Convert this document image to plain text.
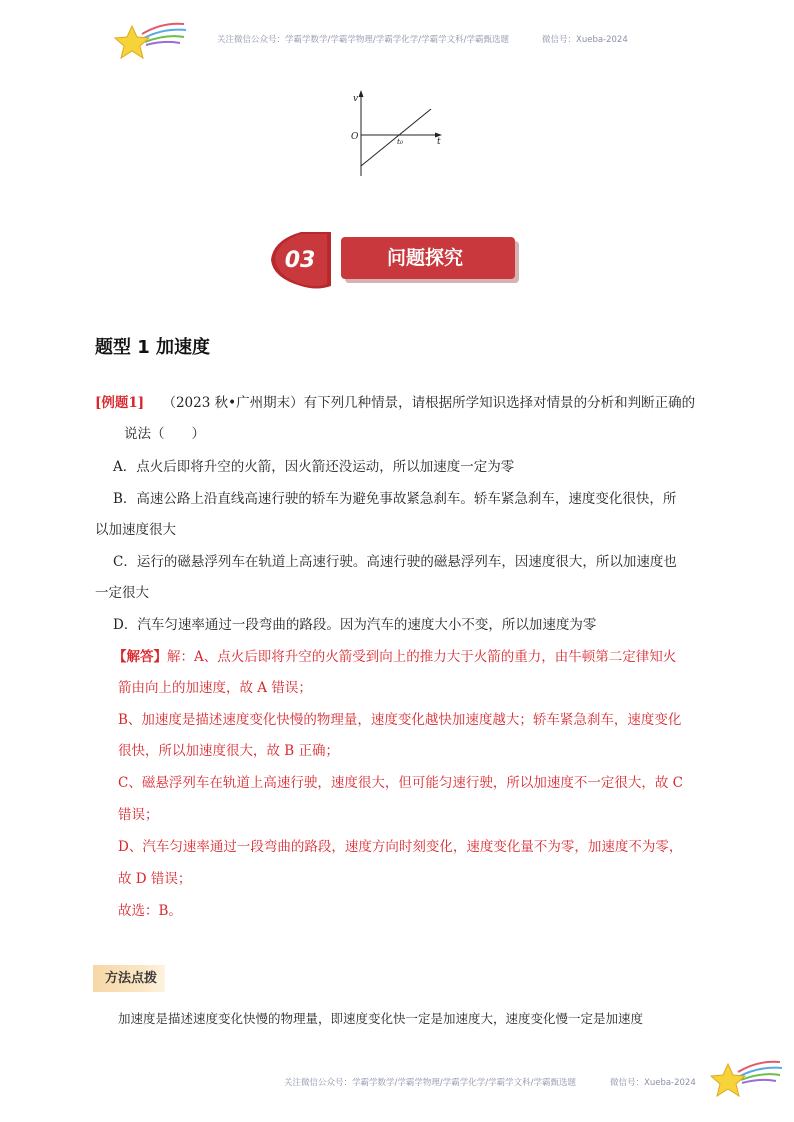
关注微信公众号：学霸学数学/学霸学物理/学霸学化学/学霸学文科/学霸甄选题	微信号：Xueba-2024
v
O	t₀	t
03	问题探究
题型 1 加速度
[例题1] （2023 秋•广州期末）有下列几种情景，请根据所学知识选择对情景的分析和判断正确的
说法（　　）
A．点火后即将升空的火箭，因火箭还没运动，所以加速度一定为零
B．高速公路上沿直线高速行驶的轿车为避免事故紧急刹车。轿车紧急刹车，速度变化很快，所
以加速度很大
C．运行的磁悬浮列车在轨道上高速行驶。高速行驶的磁悬浮列车，因速度很大，所以加速度也
一定很大
D．汽车匀速率通过一段弯曲的路段。因为汽车的速度大小不变，所以加速度为零
【解答】解：A、点火后即将升空的火箭受到向上的推力大于火箭的重力，由牛顿第二定律知火
箭由向上的加速度，故 A 错误；
B、加速度是描述速度变化快慢的物理量，速度变化越快加速度越大；轿车紧急刹车，速度变化
很快，所以加速度很大，故 B 正确；
C、磁悬浮列车在轨道上高速行驶，速度很大，但可能匀速行驶，所以加速度不一定很大，故 C
错误；
D、汽车匀速率通过一段弯曲的路段，速度方向时刻变化，速度变化量不为零，加速度不为零，
故 D 错误；
故选：B。
方法点拨
加速度是描述速度变化快慢的物理量，即速度变化快一定是加速度大，速度变化慢一定是加速度
关注微信公众号：学霸学数学/学霸学物理/学霸学化学/学霸学文科/学霸甄选题	微信号：Xueba-2024
